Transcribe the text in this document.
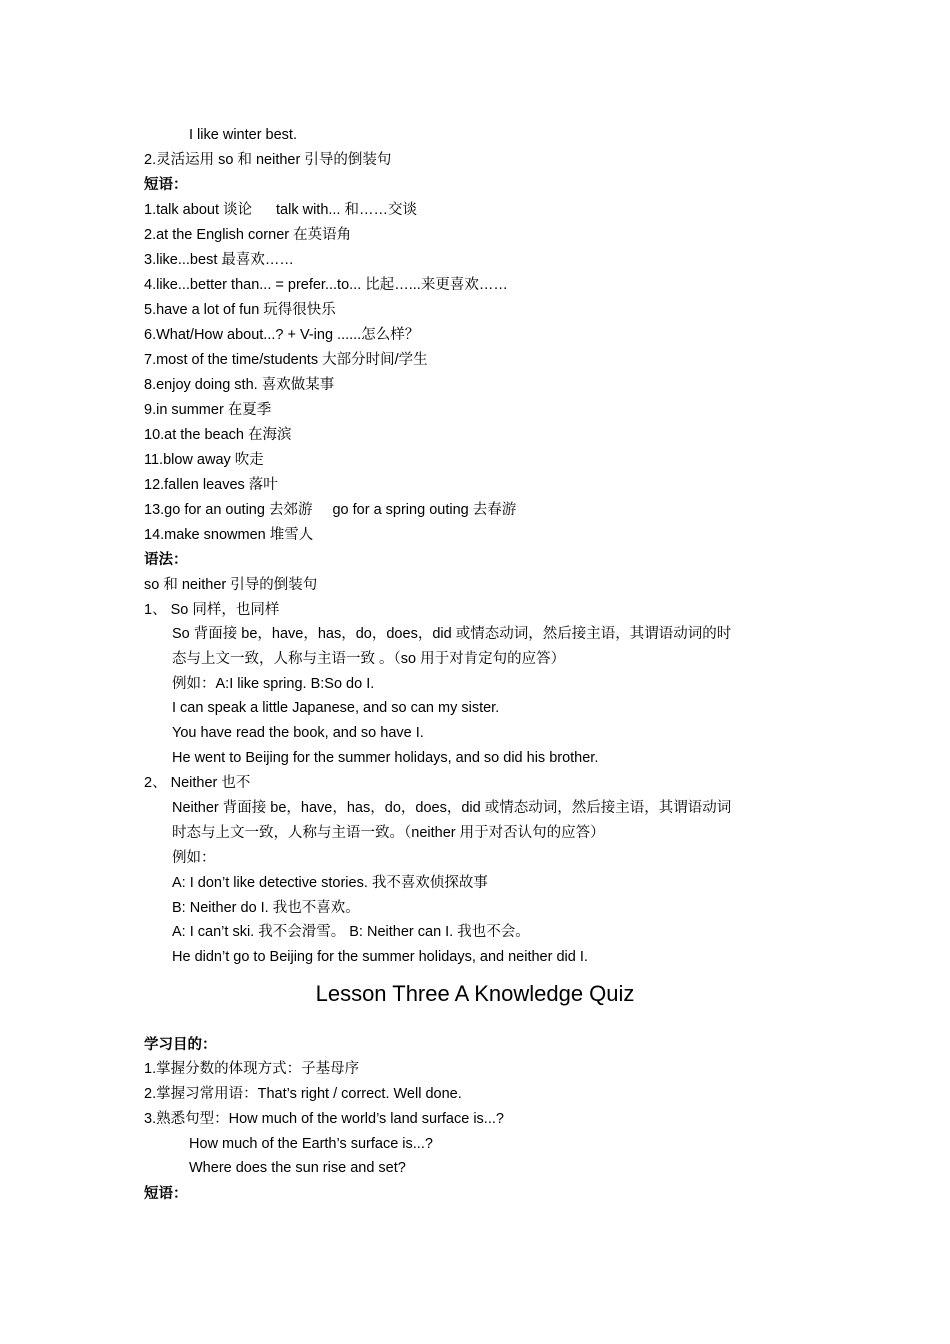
I like winter best.
2.灵活运用 so 和 neither 引导的倒装句
短语：
1.talk about 谈论 talk with... 和……交谈
2.at the English corner 在英语角
3.like...best 最喜欢……
4.like...better than... = prefer...to... 比起…...来更喜欢……
5.have a lot of fun 玩得很快乐
6.What/How about...? + V-ing ......怎么样？
7.most of the time/students 大部分时间/学生
8.enjoy doing sth. 喜欢做某事
9.in summer 在夏季
10.at the beach 在海滨
11.blow away 吹走
12.fallen leaves 落叶
13.go for an outing 去郊游 go for a spring outing 去春游
14.make snowmen 堆雪人
语法：
so 和 neither 引导的倒装句
1、 So 同样，也同样
So 背面接 be，have，has，do，does，did 或情态动词，然后接主语，其谓语动词的时
态与上文一致，人称与主语一致 。（so 用于对肯定句的应答）
例如：A:I like spring. B:So do I.
I can speak a little Japanese, and so can my sister.
You have read the book, and so have I.
He went to Beijing for the summer holidays, and so did his brother.
2、 Neither 也不
Neither 背面接 be，have，has，do，does，did 或情态动词，然后接主语，其谓语动词
时态与上文一致，人称与主语一致。（neither 用于对否认句的应答）
例如：
A: I don’t like detective stories. 我不喜欢侦探故事
B: Neither do I. 我也不喜欢。
A: I can’t ski. 我不会滑雪。 B: Neither can I. 我也不会。
He didn’t go to Beijing for the summer holidays, and neither did I.
Lesson Three A Knowledge Quiz
学习目的：
1.掌握分数的体现方式：子基母序
2.掌握习常用语：That’s right / correct. Well done.
3.熟悉句型：How much of the world’s land surface is...?
How much of the Earth’s surface is...?
Where does the sun rise and set?
短语：
